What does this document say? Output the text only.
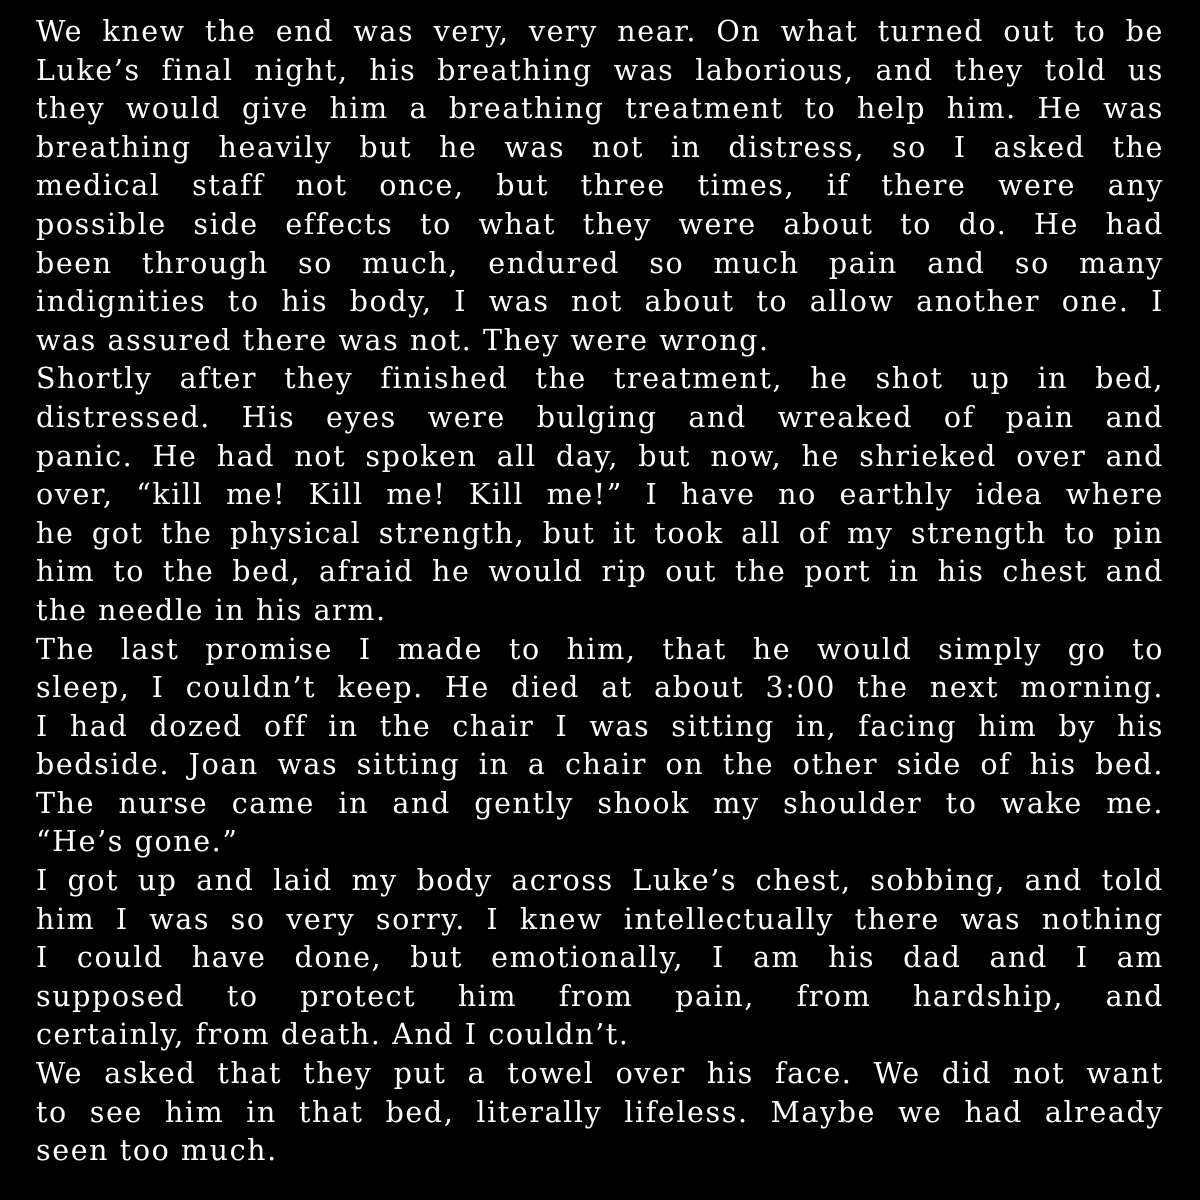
We knew the end was very, very near. On what turned out to be
Luke’s final night, his breathing was laborious, and they told us
they would give him a breathing treatment to help him. He was
breathing heavily but he was not in distress, so I asked the
medical staff not once, but three times, if there were any
possible side effects to what they were about to do. He had
been through so much, endured so much pain and so many
indignities to his body, I was not about to allow another one. I
was assured there was not. They were wrong.
Shortly after they finished the treatment, he shot up in bed,
distressed. His eyes were bulging and wreaked of pain and
panic. He had not spoken all day, but now, he shrieked over and
over, “kill me! Kill me! Kill me!” I have no earthly idea where
he got the physical strength, but it took all of my strength to pin
him to the bed, afraid he would rip out the port in his chest and
the needle in his arm.
The last promise I made to him, that he would simply go to
sleep, I couldn’t keep. He died at about 3:00 the next morning.
I had dozed off in the chair I was sitting in, facing him by his
bedside. Joan was sitting in a chair on the other side of his bed.
The nurse came in and gently shook my shoulder to wake me.
“He’s gone.”
I got up and laid my body across Luke’s chest, sobbing, and told
him I was so very sorry. I knew intellectually there was nothing
I could have done, but emotionally, I am his dad and I am
supposed to protect him from pain, from hardship, and
certainly, from death. And I couldn’t.
We asked that they put a towel over his face. We did not want
to see him in that bed, literally lifeless. Maybe we had already
seen too much.
